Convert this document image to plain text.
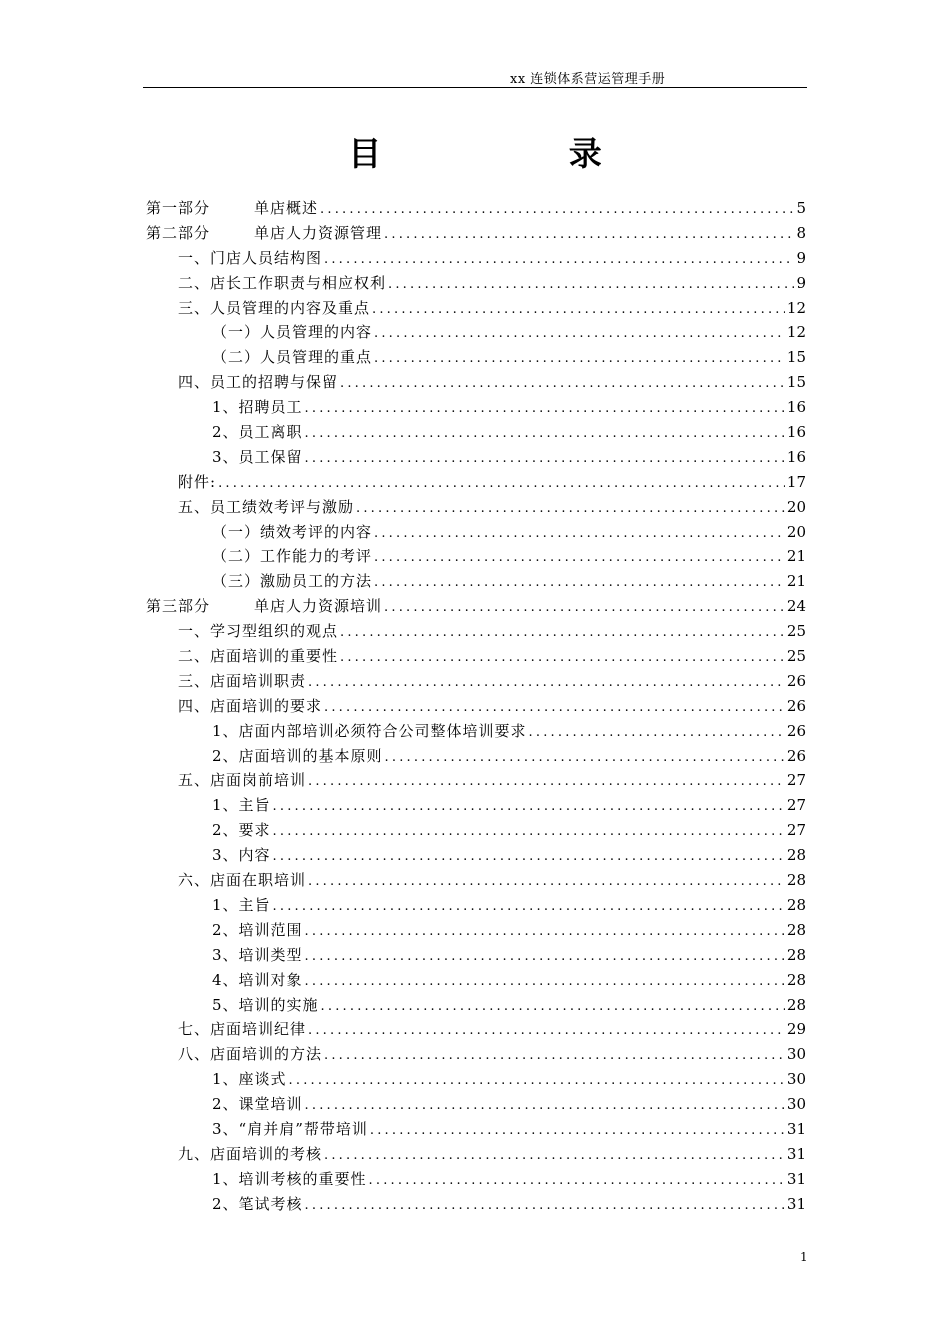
xx 连锁体系营运管理手册
目 录
第一部分	单店概述 .....	5
第二部分	单店人力资源管理 .....	8
一、门店人员结构图 .....	9
二、店长工作职责与相应权利 .....	9
三、人员管理的内容及重点 .....	12
（一）人员管理的内容 .....	12
（二）人员管理的重点 .....	15
四、员工的招聘与保留 .....	15
1、招聘员工 .....	16
2、员工离职 .....	16
3、员工保留 .....	16
附件: .....	17
五、员工绩效考评与激励 .....	20
（一）绩效考评的内容 .....	20
（二）工作能力的考评 .....	21
（三）激励员工的方法 .....	21
第三部分	单店人力资源培训 .....	24
一、学习型组织的观点 .....	25
二、店面培训的重要性 .....	25
三、店面培训职责 .....	26
四、店面培训的要求 .....	26
1、店面内部培训必须符合公司整体培训要求 .....	26
2、店面培训的基本原则 .....	26
五、店面岗前培训 .....	27
1、主旨 .....	27
2、要求 .....	27
3、内容 .....	28
六、店面在职培训 .....	28
1、主旨 .....	28
2、培训范围 .....	28
3、培训类型 .....	28
4、培训对象 .....	28
5、培训的实施 .....	28
七、店面培训纪律 .....	29
八、店面培训的方法 .....	30
1、座谈式 .....	30
2、课堂培训 .....	30
3、“肩并肩”帮带培训 .....	31
九、店面培训的考核 .....	31
1、培训考核的重要性 .....	31
2、笔试考核 .....	31
1
